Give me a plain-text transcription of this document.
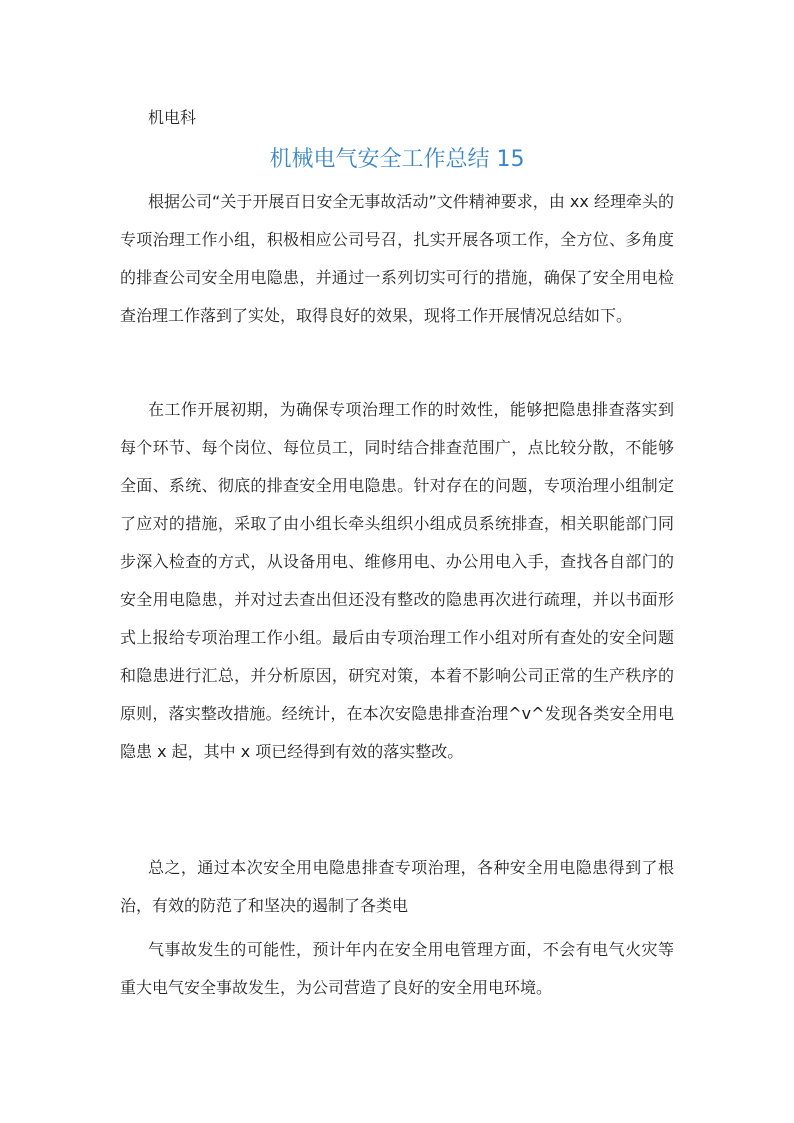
机电科
机械电气安全工作总结 15

根据公司“关于开展百日安全无事故活动”文件精神要求，由 xx 经理牵头的专项治理工作小组，积极相应公司号召，扎实开展各项工作，全方位、多角度的排查公司安全用电隐患，并通过一系列切实可行的措施，确保了安全用电检查治理工作落到了实处，取得良好的效果，现将工作开展情况总结如下。

在工作开展初期，为确保专项治理工作的时效性，能够把隐患排查落实到每个环节、每个岗位、每位员工，同时结合排查范围广，点比较分散，不能够全面、系统、彻底的排查安全用电隐患。针对存在的问题，专项治理小组制定了应对的措施，采取了由小组长牵头组织小组成员系统排查，相关职能部门同步深入检查的方式，从设备用电、维修用电、办公用电入手，查找各自部门的安全用电隐患，并对过去查出但还没有整改的隐患再次进行疏理，并以书面形式上报给专项治理工作小组。最后由专项治理工作小组对所有查处的安全问题和隐患进行汇总，并分析原因，研究对策，本着不影响公司正常的生产秩序的原则，落实整改措施。经统计，在本次安隐患排查治理^v^发现各类安全用电隐患 x 起，其中 x 项已经得到有效的落实整改。

总之，通过本次安全用电隐患排查专项治理，各种安全用电隐患得到了根治，有效的防范了和坚决的遏制了各类电

气事故发生的可能性，预计年内在安全用电管理方面，不会有电气火灾等重大电气安全事故发生，为公司营造了良好的安全用电环境。
